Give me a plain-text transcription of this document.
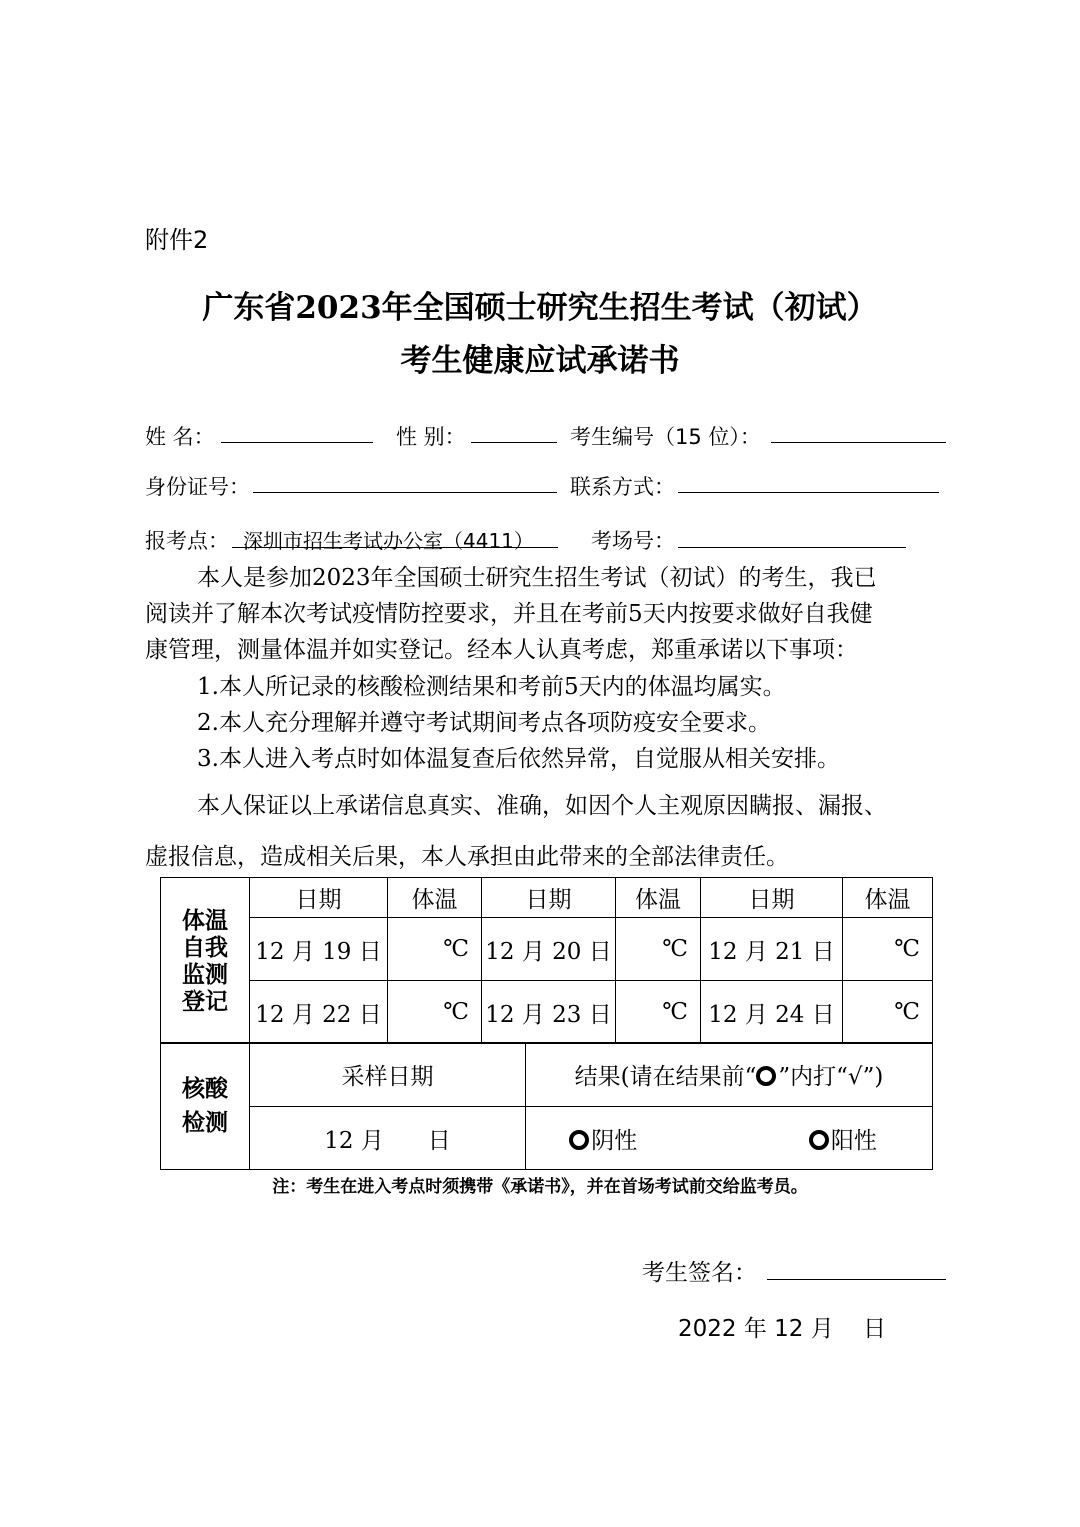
附件2
广东省2023年全国硕士研究生招生考试（初试）
考生健康应试承诺书
姓 名：	性 别：	考生编号（15 位）：
身份证号：	联系方式：
报考点： 深圳市招生考试办公室（4411）	考场号：
本人是参加2023年全国硕士研究生招生考试（初试）的考生，我已
阅读并了解本次考试疫情防控要求，并且在考前5天内按要求做好自我健
康管理，测量体温并如实登记。经本人认真考虑，郑重承诺以下事项：
1.本人所记录的核酸检测结果和考前5天内的体温均属实。
2.本人充分理解并遵守考试期间考点各项防疫安全要求。
3.本人进入考点时如体温复查后依然异常，自觉服从相关安排。
本人保证以上承诺信息真实、准确，如因个人主观原因瞒报、漏报、
虚报信息，造成相关后果，本人承担由此带来的全部法律责任。
体温自我监测登记	日期	体温	日期	体温	日期	体温
	12 月 19 日	℃	12 月 20 日	℃	12 月 21 日	℃
	12 月 22 日	℃	12 月 23 日	℃	12 月 24 日	℃
核酸检测	采样日期	结果(请在结果前“ ”内打“√”)
	12 月      日	阴性 阳性
注：考生在进入考点时须携带《承诺书》，并在首场考试前交给监考员。
考生签名：
2022 年 12 月    日
